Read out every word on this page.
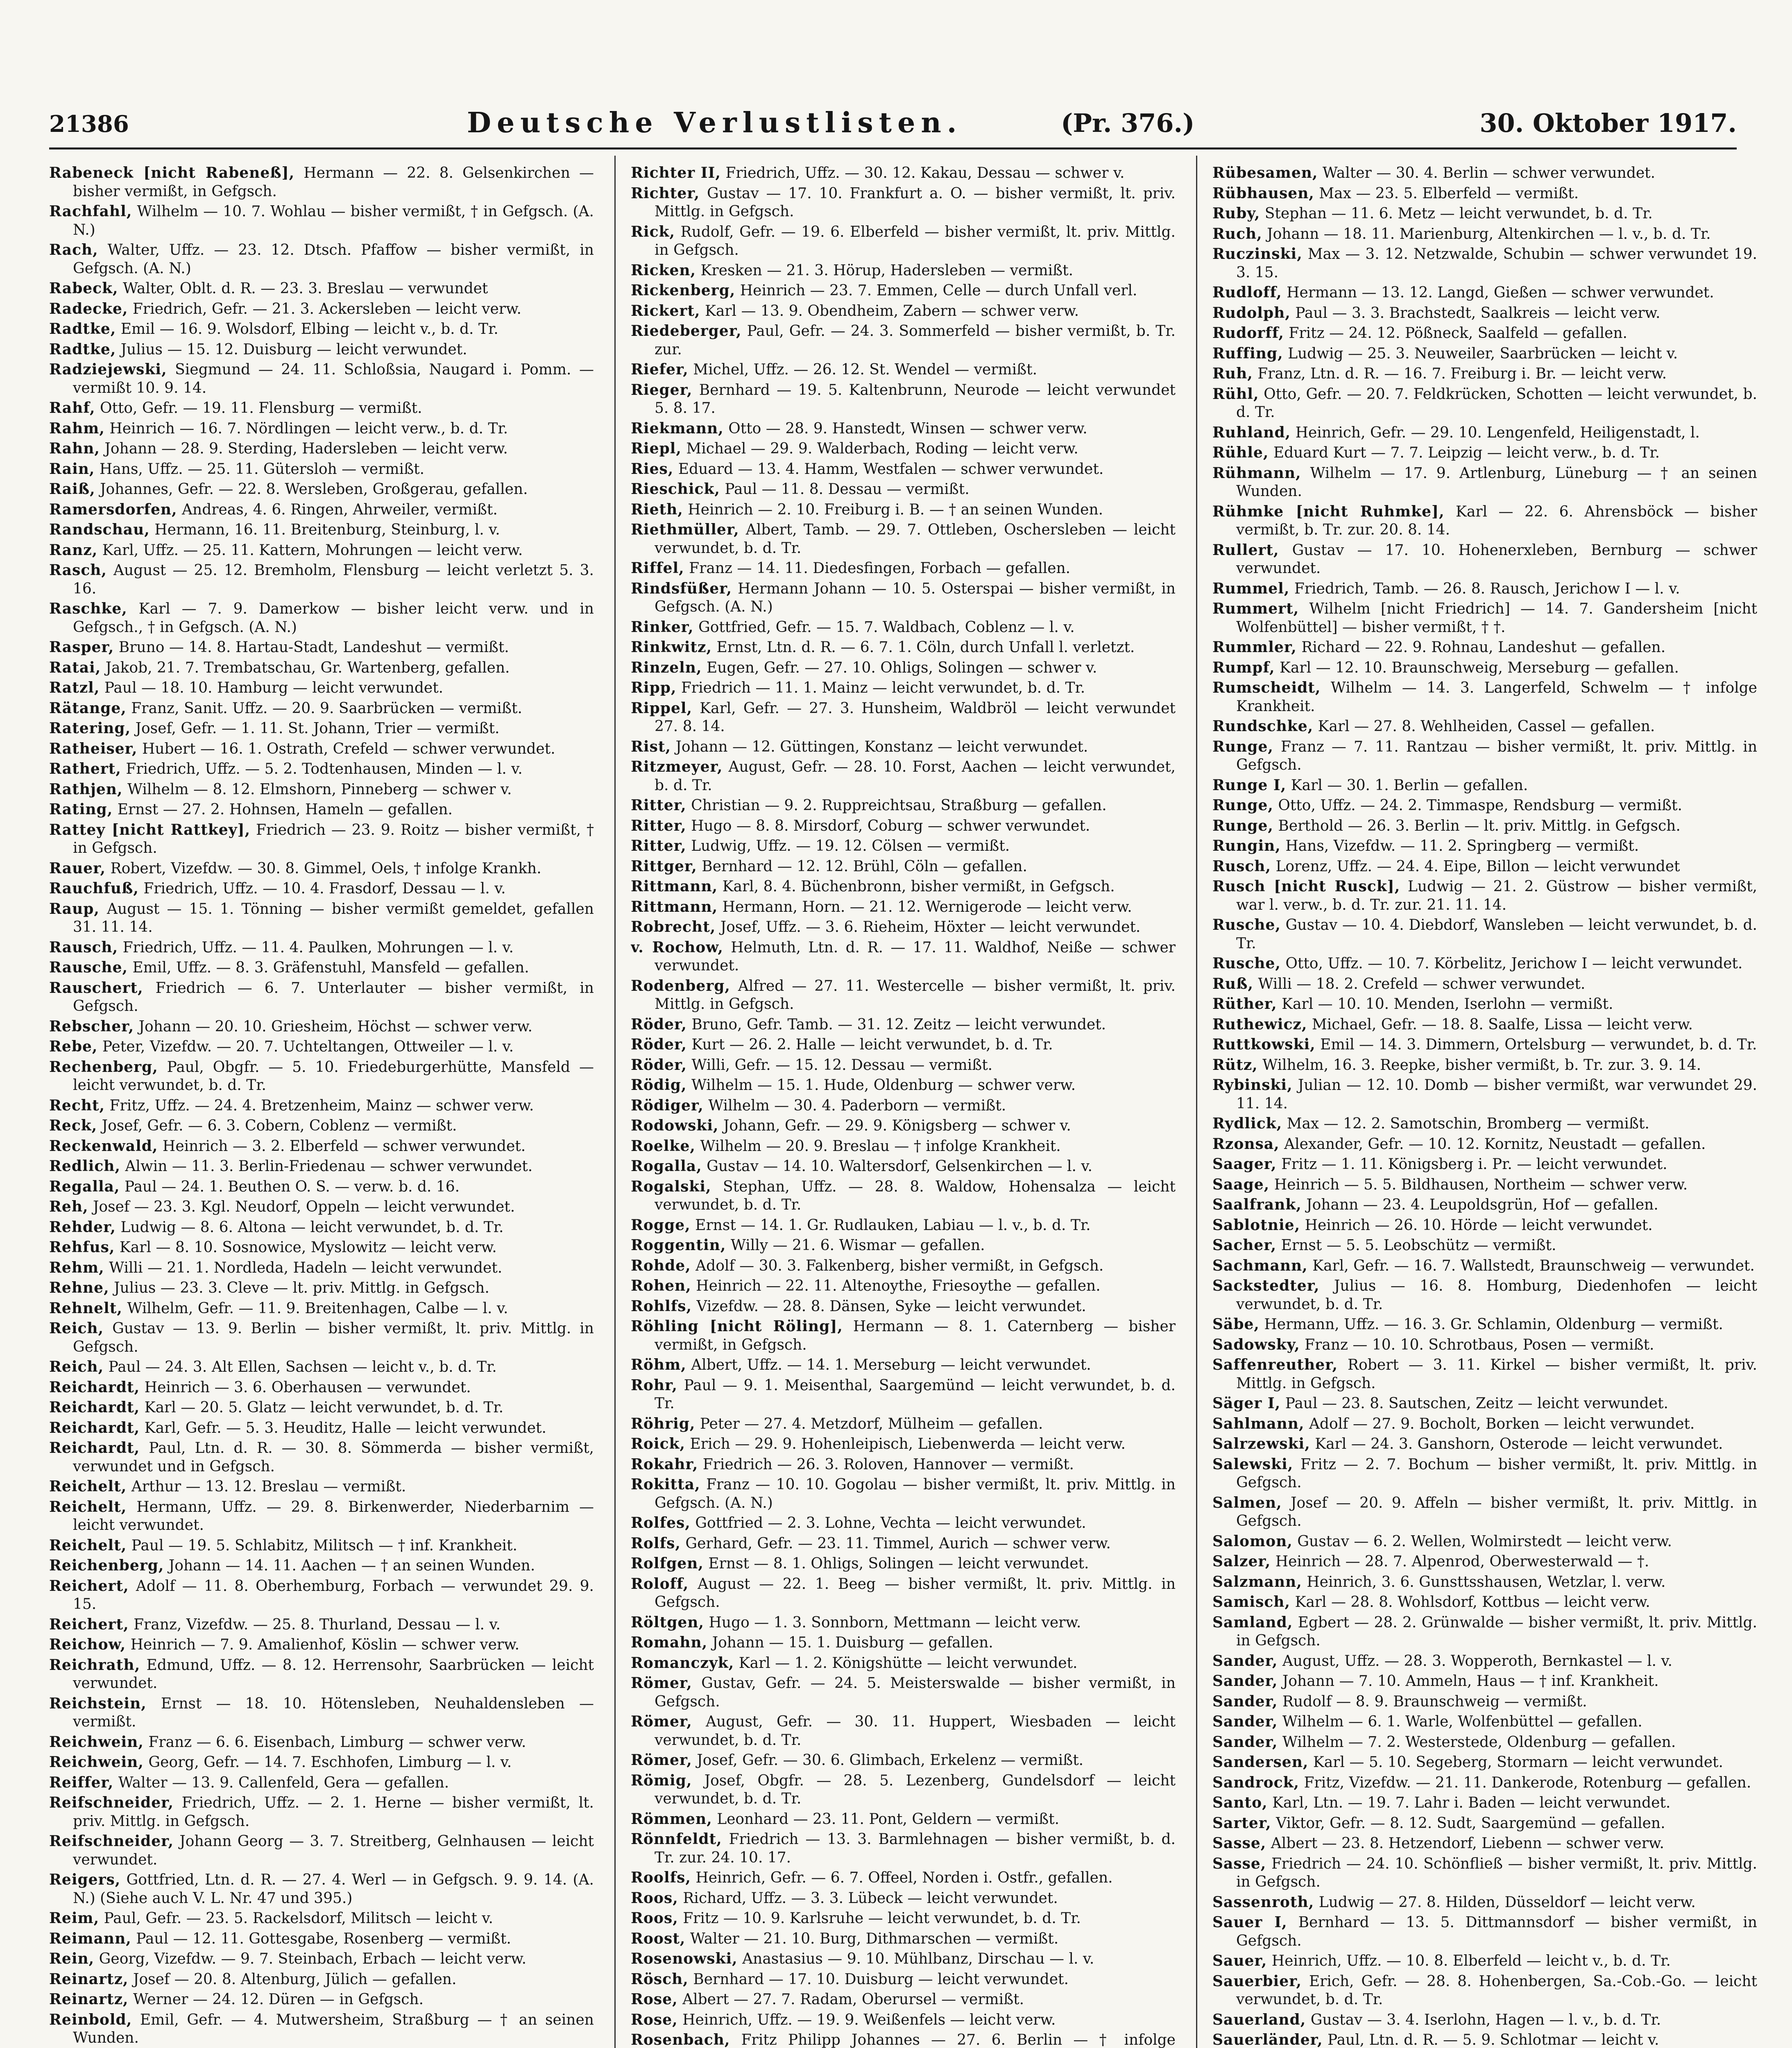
21386	Deutsche Verlustlisten.	(Pr. 376.)	30. Oktober 1917.

Rabeneck [nicht Rabeneß], Hermann — 22. 8. Gelsenkirchen — bisher vermißt, in Gefgsch.

Rachfahl, Wilhelm — 10. 7. Wohlau — bisher vermißt, † in Gefgsch. (A. N.)

Rach, Walter, Uffz. — 23. 12. Dtsch. Pfaffow — bisher vermißt, in Gefgsch. (A. N.)

Rabeck, Walter, Oblt. d. R. — 23. 3. Breslau — verwundet

Radecke, Friedrich, Gefr. — 21. 3. Ackersleben — leicht verw.

Radtke, Emil — 16. 9. Wolsdorf, Elbing — leicht v., b. d. Tr.

Radtke, Julius — 15. 12. Duisburg — leicht verwundet.

Radziejewski, Siegmund — 24. 11. Schloßsia, Naugard i. Pomm. — vermißt 10. 9. 14.

Rahf, Otto, Gefr. — 19. 11. Flensburg — vermißt.

Rahm, Heinrich — 16. 7. Nördlingen — leicht verw., b. d. Tr.

Rahn, Johann — 28. 9. Sterding, Hadersleben — leicht verw.

Rain, Hans, Uffz. — 25. 11. Gütersloh — vermißt.

Raiß, Johannes, Gefr. — 22. 8. Wersleben, Großgerau, gefallen.

Ramersdorfen, Andreas, 4. 6. Ringen, Ahrweiler, vermißt.

Randschau, Hermann, 16. 11. Breitenburg, Steinburg, l. v.

Ranz, Karl, Uffz. — 25. 11. Kattern, Mohrungen — leicht verw.

Rasch, August — 25. 12. Bremholm, Flensburg — leicht verletzt 5. 3. 16.

Raschke, Karl — 7. 9. Damerkow — bisher leicht verw. und in Gefgsch., † in Gefgsch. (A. N.)

Rasper, Bruno — 14. 8. Hartau-Stadt, Landeshut — vermißt.

Ratai, Jakob, 21. 7. Trembatschau, Gr. Wartenberg, gefallen.

Ratzl, Paul — 18. 10. Hamburg — leicht verwundet.

Rätange, Franz, Sanit. Uffz. — 20. 9. Saarbrücken — vermißt.

Ratering, Josef, Gefr. — 1. 11. St. Johann, Trier — vermißt.

Ratheiser, Hubert — 16. 1. Ostrath, Crefeld — schwer verwundet.

Rathert, Friedrich, Uffz. — 5. 2. Todtenhausen, Minden — l. v.

Rathjen, Wilhelm — 8. 12. Elmshorn, Pinneberg — schwer v.

Rating, Ernst — 27. 2. Hohnsen, Hameln — gefallen.

Rattey [nicht Rattkey], Friedrich — 23. 9. Roitz — bisher vermißt, † in Gefgsch.

Rauer, Robert, Vizefdw. — 30. 8. Gimmel, Oels, † infolge Krankh.

Rauchfuß, Friedrich, Uffz. — 10. 4. Frasdorf, Dessau — l. v.

Raup, August — 15. 1. Tönning — bisher vermißt gemeldet, gefallen 31. 11. 14.

Rausch, Friedrich, Uffz. — 11. 4. Paulken, Mohrungen — l. v.

Rausche, Emil, Uffz. — 8. 3. Gräfenstuhl, Mansfeld — gefallen.

Rauschert, Friedrich — 6. 7. Unterlauter — bisher vermißt, in Gefgsch.

Rebscher, Johann — 20. 10. Griesheim, Höchst — schwer verw.

Rebe, Peter, Vizefdw. — 20. 7. Uchteltangen, Ottweiler — l. v.

Rechenberg, Paul, Obgfr. — 5. 10. Friedeburgerhütte, Mansfeld — leicht verwundet, b. d. Tr.

Recht, Fritz, Uffz. — 24. 4. Bretzenheim, Mainz — schwer verw.

Reck, Josef, Gefr. — 6. 3. Cobern, Coblenz — vermißt.

Reckenwald, Heinrich — 3. 2. Elberfeld — schwer verwundet.

Redlich, Alwin — 11. 3. Berlin-Friedenau — schwer verwundet.

Regalla, Paul — 24. 1. Beuthen O. S. — verw. b. d. 16.

Reh, Josef — 23. 3. Kgl. Neudorf, Oppeln — leicht verwundet.

Rehder, Ludwig — 8. 6. Altona — leicht verwundet, b. d. Tr.

Rehfus, Karl — 8. 10. Sosnowice, Myslowitz — leicht verw.

Rehm, Willi — 21. 1. Nordleda, Hadeln — leicht verwundet.

Rehne, Julius — 23. 3. Cleve — lt. priv. Mittlg. in Gefgsch.

Rehnelt, Wilhelm, Gefr. — 11. 9. Breitenhagen, Calbe — l. v.

Reich, Gustav — 13. 9. Berlin — bisher vermißt, lt. priv. Mittlg. in Gefgsch.

Reich, Paul — 24. 3. Alt Ellen, Sachsen — leicht v., b. d. Tr.

Reichardt, Heinrich — 3. 6. Oberhausen — verwundet.

Reichardt, Karl — 20. 5. Glatz — leicht verwundet, b. d. Tr.

Reichardt, Karl, Gefr. — 5. 3. Heuditz, Halle — leicht verwundet.

Reichardt, Paul, Ltn. d. R. — 30. 8. Sömmerda — bisher vermißt, verwundet und in Gefgsch.

Reichelt, Arthur — 13. 12. Breslau — vermißt.

Reichelt, Hermann, Uffz. — 29. 8. Birkenwerder, Niederbarnim — leicht verwundet.

Reichelt, Paul — 19. 5. Schlabitz, Militsch — † inf. Krankheit.

Reichenberg, Johann — 14. 11. Aachen — † an seinen Wunden.

Reichert, Adolf — 11. 8. Oberhemburg, Forbach — verwundet 29. 9. 15.

Reichert, Franz, Vizefdw. — 25. 8. Thurland, Dessau — l. v.

Reichow, Heinrich — 7. 9. Amalienhof, Köslin — schwer verw.

Reichrath, Edmund, Uffz. — 8. 12. Herrensohr, Saarbrücken — leicht verwundet.

Reichstein, Ernst — 18. 10. Hötensleben, Neuhaldensleben — vermißt.

Reichwein, Franz — 6. 6. Eisenbach, Limburg — schwer verw.

Reichwein, Georg, Gefr. — 14. 7. Eschhofen, Limburg — l. v.

Reiffer, Walter — 13. 9. Callenfeld, Gera — gefallen.

Reifschneider, Friedrich, Uffz. — 2. 1. Herne — bisher vermißt, lt. priv. Mittlg. in Gefgsch.

Reifschneider, Johann Georg — 3. 7. Streitberg, Gelnhausen — leicht verwundet.

Reigers, Gottfried, Ltn. d. R. — 27. 4. Werl — in Gefgsch. 9. 9. 14. (A. N.) (Siehe auch V. L. Nr. 47 und 395.)

Reim, Paul, Gefr. — 23. 5. Rackelsdorf, Militsch — leicht v.

Reimann, Paul — 12. 11. Gottesgabe, Rosenberg — vermißt.

Rein, Georg, Vizefdw. — 9. 7. Steinbach, Erbach — leicht verw.

Reinartz, Josef — 20. 8. Altenburg, Jülich — gefallen.

Reinartz, Werner — 24. 12. Düren — in Gefgsch.

Reinbold, Emil, Gefr. — 4. Mutwersheim, Straßburg — † an seinen Wunden.

Richter II, Friedrich, Uffz. — 30. 12. Kakau, Dessau — schwer v.

Richter, Gustav — 17. 10. Frankfurt a. O. — bisher vermißt, lt. priv. Mittlg. in Gefgsch.

Rick, Rudolf, Gefr. — 19. 6. Elberfeld — bisher vermißt, lt. priv. Mittlg. in Gefgsch.

Ricken, Kresken — 21. 3. Hörup, Hadersleben — vermißt.

Rickenberg, Heinrich — 23. 7. Emmen, Celle — durch Unfall verl.

Rickert, Karl — 13. 9. Obendheim, Zabern — schwer verw.

Riedeberger, Paul, Gefr. — 24. 3. Sommerfeld — bisher vermißt, b. Tr. zur.

Riefer, Michel, Uffz. — 26. 12. St. Wendel — vermißt.

Rieger, Bernhard — 19. 5. Kaltenbrunn, Neurode — leicht verwundet 5. 8. 17.

Riekmann, Otto — 28. 9. Hanstedt, Winsen — schwer verw.

Riepl, Michael — 29. 9. Walderbach, Roding — leicht verw.

Ries, Eduard — 13. 4. Hamm, Westfalen — schwer verwundet.

Rieschick, Paul — 11. 8. Dessau — vermißt.

Rieth, Heinrich — 2. 10. Freiburg i. B. — † an seinen Wunden.

Riethmüller, Albert, Tamb. — 29. 7. Ottleben, Oschersleben — leicht verwundet, b. d. Tr.

Riffel, Franz — 14. 11. Diedesfingen, Forbach — gefallen.

Rindsfüßer, Hermann Johann — 10. 5. Osterspai — bisher vermißt, in Gefgsch. (A. N.)

Rinker, Gottfried, Gefr. — 15. 7. Waldbach, Coblenz — l. v.

Rinkwitz, Ernst, Ltn. d. R. — 6. 7. 1. Cöln, durch Unfall l. verletzt.

Rinzeln, Eugen, Gefr. — 27. 10. Ohligs, Solingen — schwer v.

Ripp, Friedrich — 11. 1. Mainz — leicht verwundet, b. d. Tr.

Rippel, Karl, Gefr. — 27. 3. Hunsheim, Waldbröl — leicht verwundet 27. 8. 14.

Rist, Johann — 12. Güttingen, Konstanz — leicht verwundet.

Ritzmeyer, August, Gefr. — 28. 10. Forst, Aachen — leicht verwundet, b. d. Tr.

Ritter, Christian — 9. 2. Ruppreichtsau, Straßburg — gefallen.

Ritter, Hugo — 8. 8. Mirsdorf, Coburg — schwer verwundet.

Ritter, Ludwig, Uffz. — 19. 12. Cölsen — vermißt.

Rittger, Bernhard — 12. 12. Brühl, Cöln — gefallen.

Rittmann, Karl, 8. 4. Büchenbronn, bisher vermißt, in Gefgsch.

Rittmann, Hermann, Horn. — 21. 12. Wernigerode — leicht verw.

Robrecht, Josef, Uffz. — 3. 6. Rieheim, Höxter — leicht verwundet.

v. Rochow, Helmuth, Ltn. d. R. — 17. 11. Waldhof, Neiße — schwer verwundet.

Rodenberg, Alfred — 27. 11. Westercelle — bisher vermißt, lt. priv. Mittlg. in Gefgsch.

Röder, Bruno, Gefr. Tamb. — 31. 12. Zeitz — leicht verwundet.

Röder, Kurt — 26. 2. Halle — leicht verwundet, b. d. Tr.

Röder, Willi, Gefr. — 15. 12. Dessau — vermißt.

Rödig, Wilhelm — 15. 1. Hude, Oldenburg — schwer verw.

Rödiger, Wilhelm — 30. 4. Paderborn — vermißt.

Rodowski, Johann, Gefr. — 29. 9. Königsberg — schwer v.

Roelke, Wilhelm — 20. 9. Breslau — † infolge Krankheit.

Rogalla, Gustav — 14. 10. Waltersdorf, Gelsenkirchen — l. v.

Rogalski, Stephan, Uffz. — 28. 8. Waldow, Hohensalza — leicht verwundet, b. d. Tr.

Rogge, Ernst — 14. 1. Gr. Rudlauken, Labiau — l. v., b. d. Tr.

Roggentin, Willy — 21. 6. Wismar — gefallen.

Rohde, Adolf — 30. 3. Falkenberg, bisher vermißt, in Gefgsch.

Rohen, Heinrich — 22. 11. Altenoythe, Friesoythe — gefallen.

Rohlfs, Vizefdw. — 28. 8. Dänsen, Syke — leicht verwundet.

Röhling [nicht Röling], Hermann — 8. 1. Caternberg — bisher vermißt, in Gefgsch.

Röhm, Albert, Uffz. — 14. 1. Merseburg — leicht verwundet.

Rohr, Paul — 9. 1. Meisenthal, Saargemünd — leicht verwundet, b. d. Tr.

Röhrig, Peter — 27. 4. Metzdorf, Mülheim — gefallen.

Roick, Erich — 29. 9. Hohenleipisch, Liebenwerda — leicht verw.

Rokahr, Friedrich — 26. 3. Roloven, Hannover — vermißt.

Rokitta, Franz — 10. 10. Gogolau — bisher vermißt, lt. priv. Mittlg. in Gefgsch. (A. N.)

Rolfes, Gottfried — 2. 3. Lohne, Vechta — leicht verwundet.

Rolfs, Gerhard, Gefr. — 23. 11. Timmel, Aurich — schwer verw.

Rolfgen, Ernst — 8. 1. Ohligs, Solingen — leicht verwundet.

Roloff, August — 22. 1. Beeg — bisher vermißt, lt. priv. Mittlg. in Gefgsch.

Röltgen, Hugo — 1. 3. Sonnborn, Mettmann — leicht verw.

Romahn, Johann — 15. 1. Duisburg — gefallen.

Romanczyk, Karl — 1. 2. Königshütte — leicht verwundet.

Römer, Gustav, Gefr. — 24. 5. Meisterswalde — bisher vermißt, in Gefgsch.

Römer, August, Gefr. — 30. 11. Huppert, Wiesbaden — leicht verwundet, b. d. Tr.

Römer, Josef, Gefr. — 30. 6. Glimbach, Erkelenz — vermißt.

Römig, Josef, Obgfr. — 28. 5. Lezenberg, Gundelsdorf — leicht verwundet, b. d. Tr.

Römmen, Leonhard — 23. 11. Pont, Geldern — vermißt.

Rönnfeldt, Friedrich — 13. 3. Barmlehnagen — bisher vermißt, b. d. Tr. zur. 24. 10. 17.

Roolfs, Heinrich, Gefr. — 6. 7. Offeel, Norden i. Ostfr., gefallen.

Roos, Richard, Uffz. — 3. 3. Lübeck — leicht verwundet.

Roos, Fritz — 10. 9. Karlsruhe — leicht verwundet, b. d. Tr.

Roost, Walter — 21. 10. Burg, Dithmarschen — vermißt.

Rosenowski, Anastasius — 9. 10. Mühlbanz, Dirschau — l. v.

Rösch, Bernhard — 17. 10. Duisburg — leicht verwundet.

Rose, Albert — 27. 7. Radam, Oberursel — vermißt.

Rose, Heinrich, Uffz. — 19. 9. Weißenfels — leicht verw.

Rosenbach, Fritz Philipp Johannes — 27. 6. Berlin — † infolge

Rübesamen, Walter — 30. 4. Berlin — schwer verwundet.

Rübhausen, Max — 23. 5. Elberfeld — vermißt.

Ruby, Stephan — 11. 6. Metz — leicht verwundet, b. d. Tr.

Ruch, Johann — 18. 11. Marienburg, Altenkirchen — l. v., b. d. Tr.

Ruczinski, Max — 3. 12. Netzwalde, Schubin — schwer verwundet 19. 3. 15.

Rudloff, Hermann — 13. 12. Langd, Gießen — schwer verwundet.

Rudolph, Paul — 3. 3. Brachstedt, Saalkreis — leicht verw.

Rudorff, Fritz — 24. 12. Pößneck, Saalfeld — gefallen.

Ruffing, Ludwig — 25. 3. Neuweiler, Saarbrücken — leicht v.

Ruh, Franz, Ltn. d. R. — 16. 7. Freiburg i. Br. — leicht verw.

Rühl, Otto, Gefr. — 20. 7. Feldkrücken, Schotten — leicht verwundet, b. d. Tr.

Ruhland, Heinrich, Gefr. — 29. 10. Lengenfeld, Heiligenstadt, l.

Rühle, Eduard Kurt — 7. 7. Leipzig — leicht verw., b. d. Tr.

Rühmann, Wilhelm — 17. 9. Artlenburg, Lüneburg — † an seinen Wunden.

Rühmke [nicht Ruhmke], Karl — 22. 6. Ahrensböck — bisher vermißt, b. Tr. zur. 20. 8. 14.

Rullert, Gustav — 17. 10. Hohenerxleben, Bernburg — schwer verwundet.

Rummel, Friedrich, Tamb. — 26. 8. Rausch, Jerichow I — l. v.

Rummert, Wilhelm [nicht Friedrich] — 14. 7. Gandersheim [nicht Wolfenbüttel] — bisher vermißt, † †.

Rummler, Richard — 22. 9. Rohnau, Landeshut — gefallen.

Rumpf, Karl — 12. 10. Braunschweig, Merseburg — gefallen.

Rumscheidt, Wilhelm — 14. 3. Langerfeld, Schwelm — † infolge Krankheit.

Rundschke, Karl — 27. 8. Wehlheiden, Cassel — gefallen.

Runge, Franz — 7. 11. Rantzau — bisher vermißt, lt. priv. Mittlg. in Gefgsch.

Runge I, Karl — 30. 1. Berlin — gefallen.

Runge, Otto, Uffz. — 24. 2. Timmaspe, Rendsburg — vermißt.

Runge, Berthold — 26. 3. Berlin — lt. priv. Mittlg. in Gefgsch.

Rungin, Hans, Vizefdw. — 11. 2. Springberg — vermißt.

Rusch, Lorenz, Uffz. — 24. 4. Eipe, Billon — leicht verwundet

Rusch [nicht Rusck], Ludwig — 21. 2. Güstrow — bisher vermißt, war l. verw., b. d. Tr. zur. 21. 11. 14.

Rusche, Gustav — 10. 4. Diebdorf, Wansleben — leicht verwundet, b. d. Tr.

Rusche, Otto, Uffz. — 10. 7. Körbelitz, Jerichow I — leicht verwundet.

Ruß, Willi — 18. 2. Crefeld — schwer verwundet.

Rüther, Karl — 10. 10. Menden, Iserlohn — vermißt.

Ruthewicz, Michael, Gefr. — 18. 8. Saalfe, Lissa — leicht verw.

Ruttkowski, Emil — 14. 3. Dimmern, Ortelsburg — verwundet, b. d. Tr.

Rütz, Wilhelm, 16. 3. Reepke, bisher vermißt, b. Tr. zur. 3. 9. 14.

Rybinski, Julian — 12. 10. Domb — bisher vermißt, war verwundet 29. 11. 14.

Rydlick, Max — 12. 2. Samotschin, Bromberg — vermißt.

Rzonsa, Alexander, Gefr. — 10. 12. Kornitz, Neustadt — gefallen.

Saager, Fritz — 1. 11. Königsberg i. Pr. — leicht verwundet.

Saage, Heinrich — 5. 5. Bildhausen, Northeim — schwer verw.

Saalfrank, Johann — 23. 4. Leupoldsgrün, Hof — gefallen.

Sablotnie, Heinrich — 26. 10. Hörde — leicht verwundet.

Sacher, Ernst — 5. 5. Leobschütz — vermißt.

Sachmann, Karl, Gefr. — 16. 7. Wallstedt, Braunschweig — verwundet.

Sackstedter, Julius — 16. 8. Homburg, Diedenhofen — leicht verwundet, b. d. Tr.

Säbe, Hermann, Uffz. — 16. 3. Gr. Schlamin, Oldenburg — vermißt.

Sadowsky, Franz — 10. 10. Schrotbaus, Posen — vermißt.

Saffenreuther, Robert — 3. 11. Kirkel — bisher vermißt, lt. priv. Mittlg. in Gefgsch.

Säger I, Paul — 23. 8. Sautschen, Zeitz — leicht verwundet.

Sahlmann, Adolf — 27. 9. Bocholt, Borken — leicht verwundet.

Salrzewski, Karl — 24. 3. Ganshorn, Osterode — leicht verwundet.

Salewski, Fritz — 2. 7. Bochum — bisher vermißt, lt. priv. Mittlg. in Gefgsch.

Salmen, Josef — 20. 9. Affeln — bisher vermißt, lt. priv. Mittlg. in Gefgsch.

Salomon, Gustav — 6. 2. Wellen, Wolmirstedt — leicht verw.

Salzer, Heinrich — 28. 7. Alpenrod, Oberwesterwald — †.

Salzmann, Heinrich, 3. 6. Gunsttsshausen, Wetzlar, l. verw.

Samisch, Karl — 28. 8. Wohlsdorf, Kottbus — leicht verw.

Samland, Egbert — 28. 2. Grünwalde — bisher vermißt, lt. priv. Mittlg. in Gefgsch.

Sander, August, Uffz. — 28. 3. Wopperoth, Bernkastel — l. v.

Sander, Johann — 7. 10. Ammeln, Haus — † inf. Krankheit.

Sander, Rudolf — 8. 9. Braunschweig — vermißt.

Sander, Wilhelm — 6. 1. Warle, Wolfenbüttel — gefallen.

Sander, Wilhelm — 7. 2. Westerstede, Oldenburg — gefallen.

Sandersen, Karl — 5. 10. Segeberg, Stormarn — leicht verwundet.

Sandrock, Fritz, Vizefdw. — 21. 11. Dankerode, Rotenburg — gefallen.

Santo, Karl, Ltn. — 19. 7. Lahr i. Baden — leicht verwundet.

Sarter, Viktor, Gefr. — 8. 12. Sudt, Saargemünd — gefallen.

Sasse, Albert — 23. 8. Hetzendorf, Liebenn — schwer verw.

Sasse, Friedrich — 24. 10. Schönfließ — bisher vermißt, lt. priv. Mittlg. in Gefgsch.

Sassenroth, Ludwig — 27. 8. Hilden, Düsseldorf — leicht verw.

Sauer I, Bernhard — 13. 5. Dittmannsdorf — bisher vermißt, in Gefgsch.

Sauer, Heinrich, Uffz. — 10. 8. Elberfeld — leicht v., b. d. Tr.

Sauerbier, Erich, Gefr. — 28. 8. Hohenbergen, Sa.-Cob.-Go. — leicht verwundet, b. d. Tr.

Sauerland, Gustav — 3. 4. Iserlohn, Hagen — l. v., b. d. Tr.

Sauerländer, Paul, Ltn. d. R. — 5. 9. Schlotmar — leicht v.
